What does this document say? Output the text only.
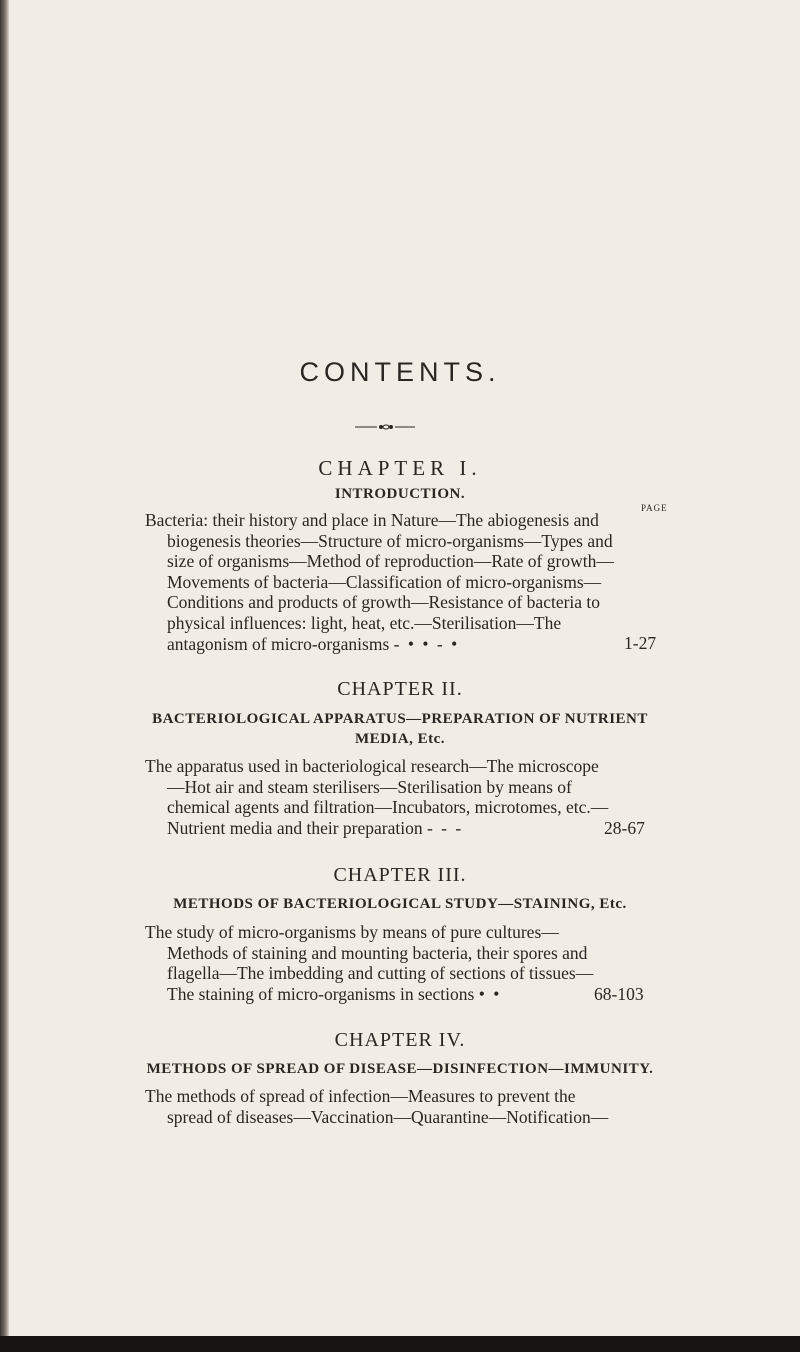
CONTENTS.
CHAPTER I.
INTRODUCTION.
PAGE
Bacteria: their history and place in Nature—The abiogenesis and
biogenesis theories—Structure of micro-organisms—Types and
size of organisms—Method of reproduction—Rate of growth—
Movements of bacteria—Classification of micro-organisms—
Conditions and products of growth—Resistance of bacteria to
physical influences: light, heat, etc.—Sterilisation—The
antagonism of micro-organisms - • • - •	1-27
CHAPTER II.
BACTERIOLOGICAL APPARATUS—PREPARATION OF NUTRIENT
MEDIA, Etc.
The apparatus used in bacteriological research—The microscope
—Hot air and steam sterilisers—Sterilisation by means of
chemical agents and filtration—Incubators, microtomes, etc.—
Nutrient media and their preparation - - -	28-67
CHAPTER III.
METHODS OF BACTERIOLOGICAL STUDY—STAINING, Etc.
The study of micro-organisms by means of pure cultures—
Methods of staining and mounting bacteria, their spores and
flagella—The imbedding and cutting of sections of tissues—
The staining of micro-organisms in sections • •	68-103
CHAPTER IV.
METHODS OF SPREAD OF DISEASE—DISINFECTION—IMMUNITY.
The methods of spread of infection—Measures to prevent the
spread of diseases—Vaccination—Quarantine—Notification—
